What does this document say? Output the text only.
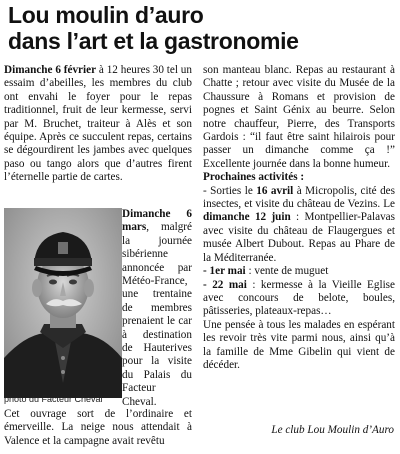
Lou moulin d’auro
dans l’art et la gastronomie

Dimanche 6 février à 12 heures 30 tel un essaim d’abeilles, les membres du club ont envahi le foyer pour le repas traditionnel, fruit de leur kermesse, servi par M. Bruchet, traiteur à Alès et son équipe. Après ce succulent repas, certains se dégourdirent les jambes avec quelques paso ou tango alors que d’autres firent l’éternelle partie de cartes.

photo du Facteur Cheval
Dimanche 6 mars, malgré la journée sibérienne annoncée par Météo-France, une trentaine de membres prenaient le car à destination de Hauterives pour la visite du Palais du Facteur Cheval.
Cet ouvrage sort de l’ordinaire et émerveille. La neige nous attendait à Valence et la campagne avait revêtu

son manteau blanc. Repas au restaurant à Chatte ; retour avec visite du Musée de la Chaussure à Romans et provision de pognes et Saint Génix au beurre. Selon notre chauffeur, Pierre, des Transports Gardois : “il faut être saint hilairois pour passer un dimanche comme ça !” Excellente journée dans la bonne humeur.

Prochaines activités :

- Sorties le 16 avril à Micropolis, cité des insectes, et visite du château de Vezins. Le dimanche 12 juin : Montpellier-Palavas avec visite du château de Flaugergues et musée Albert Dubout. Repas au Phare de la Méditerranée.

- 1er mai : vente de muguet

- 22 mai : kermesse à la Vieille Eglise avec concours de belote, boules, pâtisseries, plateaux-repas…

Une pensée à tous les malades en espérant les revoir très vite parmi nous, ainsi qu’à la famille de Mme Gibelin qui vient de décéder.

Le club Lou Moulin d’Auro
